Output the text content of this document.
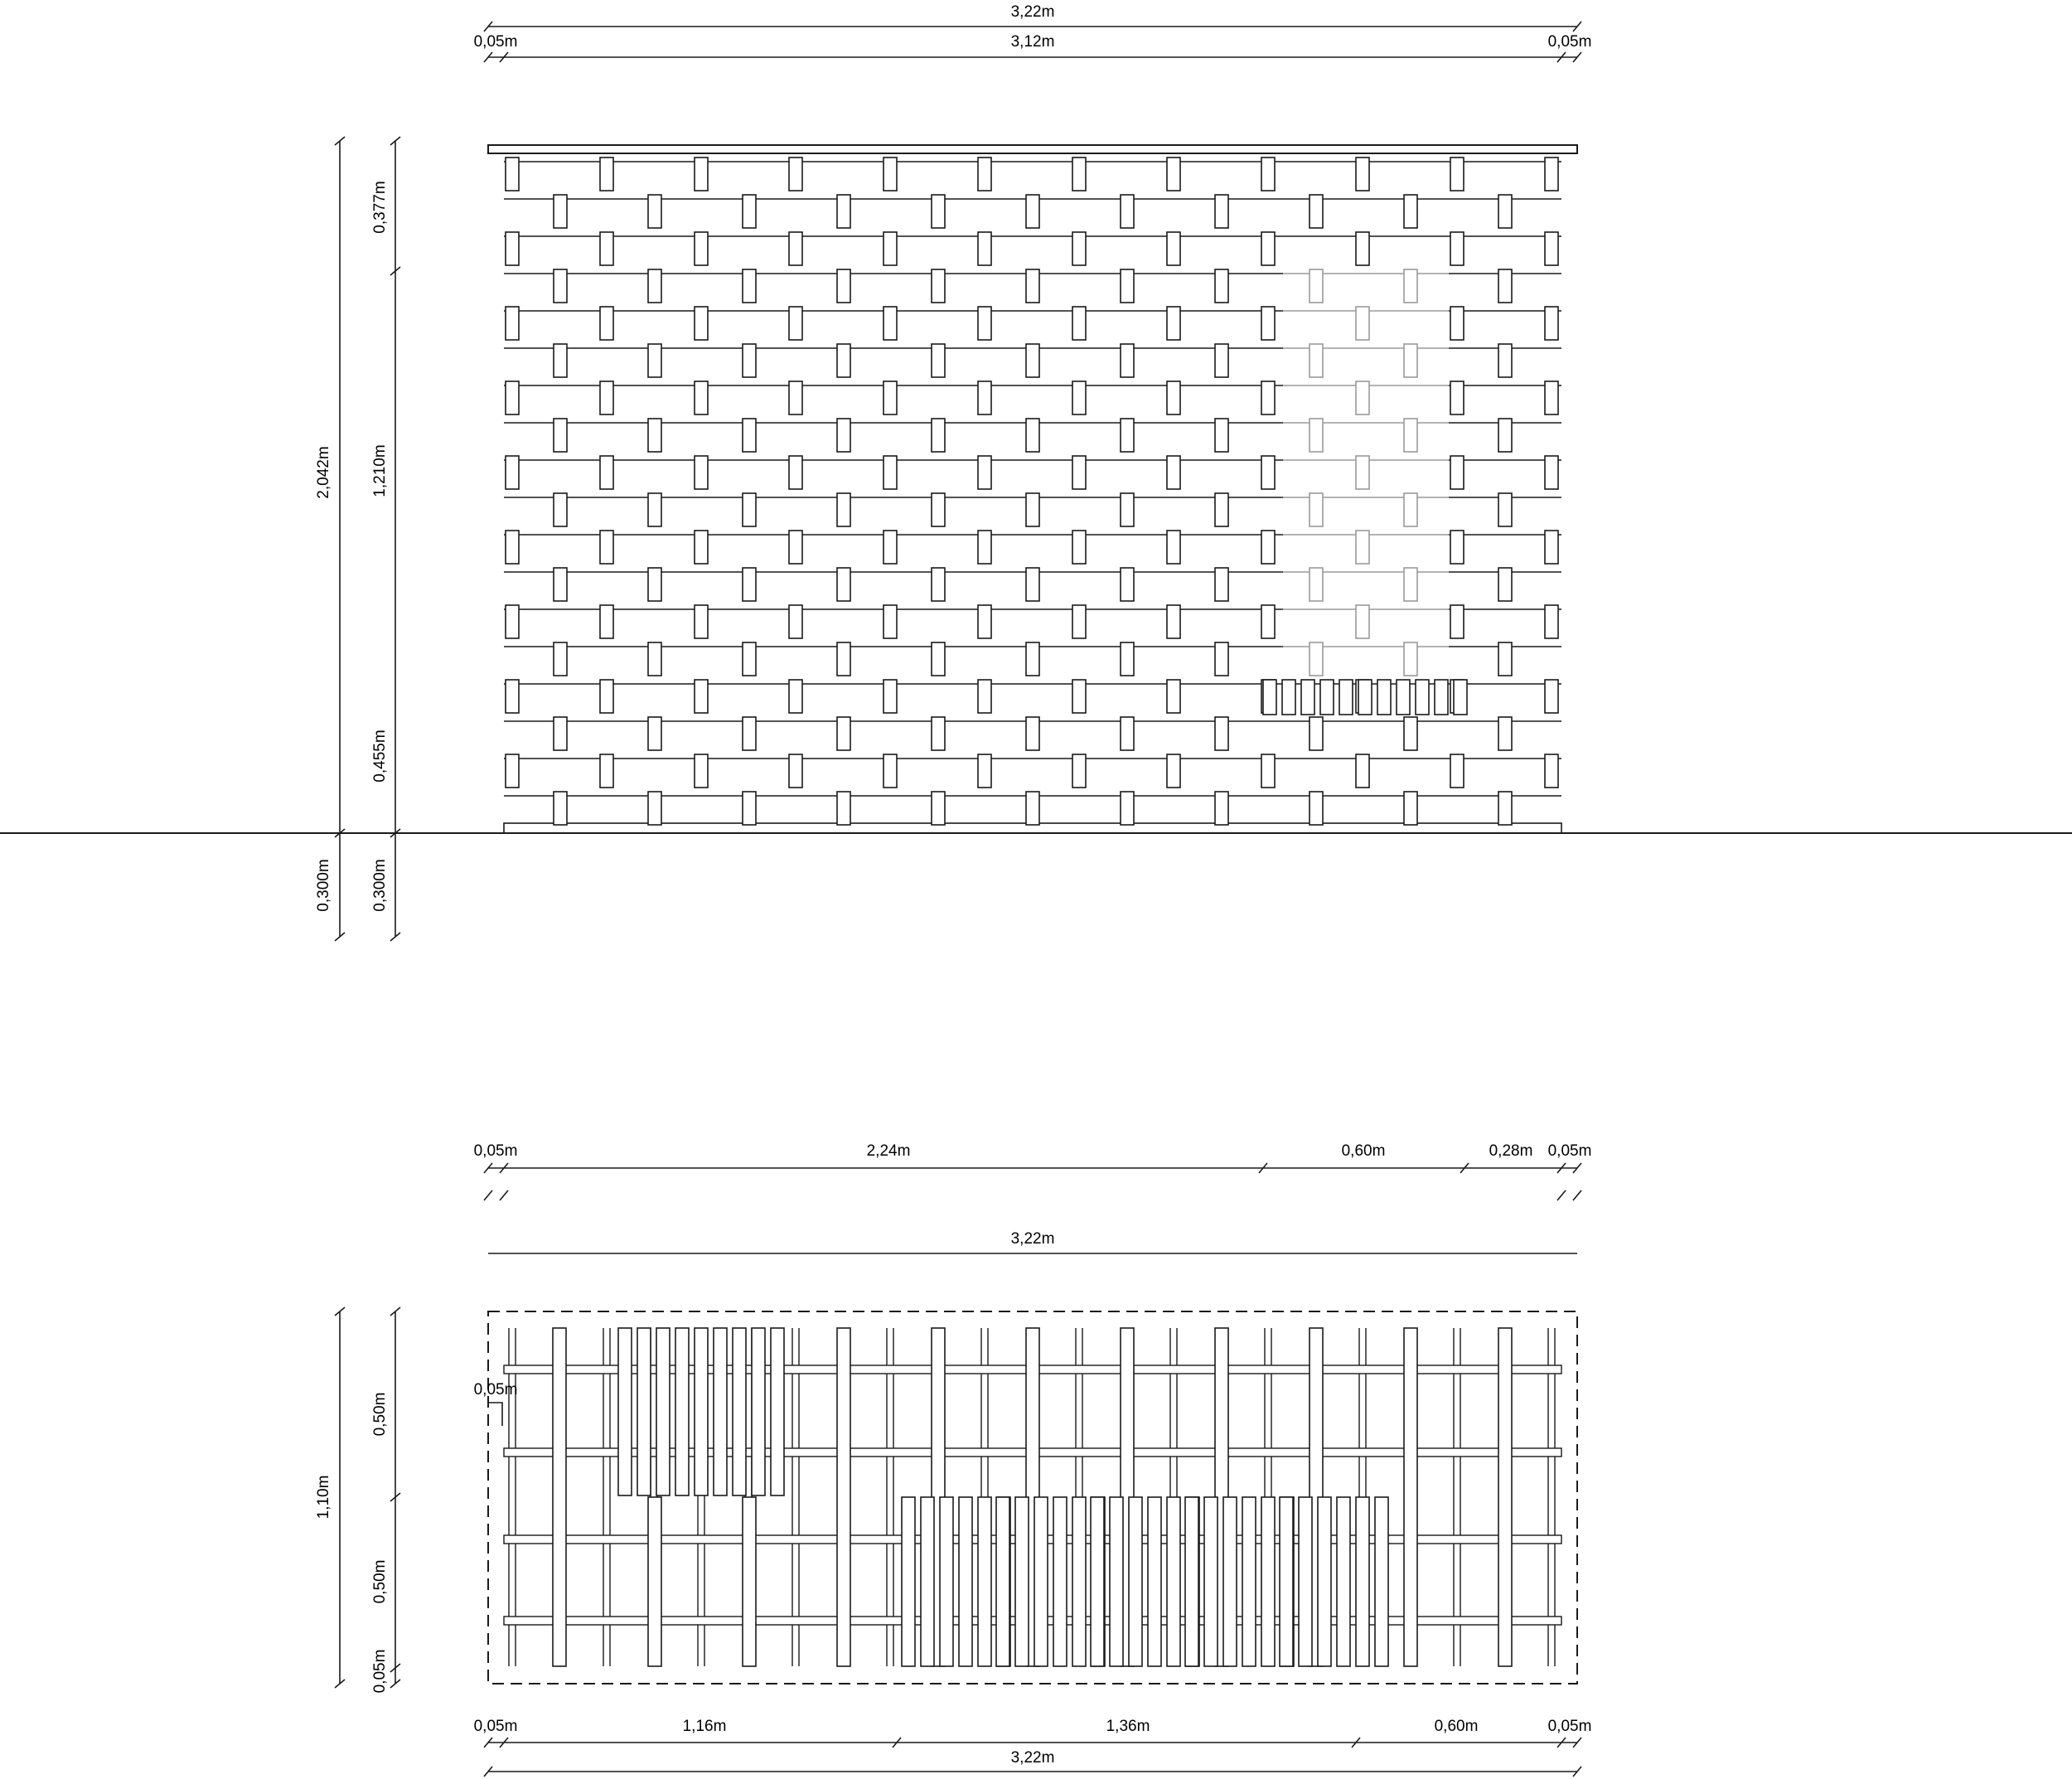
3,22m
0,05m	3,12m	0,05m
2,042m
0,377m
1,210m
0,455m
0,300m 0,300m
0,05m
0,05m	2,24m	0,60m	0,28m 0,05m
3,22m
1,10m
0,50m
0,50m
0,05m
0,05m	1,16m	1,36m	0,60m	0,05m
3,22m
